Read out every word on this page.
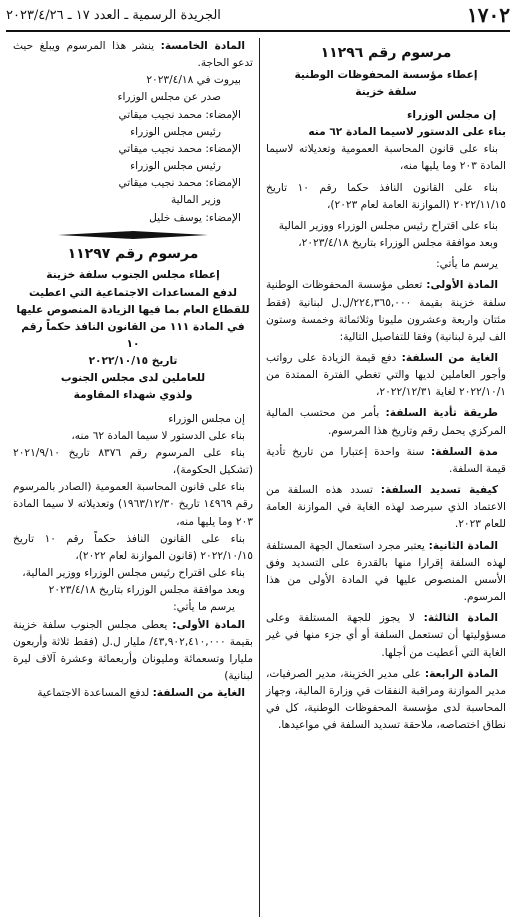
١٧٠٢
الجريدة الرسمية ـ العدد ١٧ ـ ٢٠٢٣/٤/٢٦
مرسوم رقم ١١٢٩٦

إعطاء مؤسسة المحفوظات الوطنية

سلفة خزينة

إن مجلس الوزراء

بناء على الدستور لاسيما المادة ٦٢ منه

بناء على قانون المحاسبة العمومية وتعديلاته لاسيما المادة ٢٠٣ وما يليها منه،

بناء على القانون النافذ حكما رقم ١٠ تاريخ ٢٠٢٢/١١/١٥ (الموازنة العامة لعام ٢٠٢٣)،

بناء على اقتراح رئيس مجلس الوزراء ووزير المالية

وبعد موافقة مجلس الوزراء بتاريخ ٢٠٢٣/٤/١٨،

يرسم ما يأتي:

المادة الأولى: تعطى مؤسسة المحفوظات الوطنية سلفة خزينة بقيمة ٢٢٤,٣٦٥,٠٠٠/ل.ل لبنانية (فقط مئتان واربعة وعشرون مليونا وثلاثمائة وخمسة وستون الف ليرة لبنانية) وفقا للتفاصيل التالية:

الغاية من السلفة: دفع قيمة الزيادة على رواتب وأجور العاملين لديها والتي تغطي الفترة الممتدة من ٢٠٢٢/١٠/١ لغاية ٢٠٢٢/١٢/٣١،

طريقة تأدية السلفة: بأمر من محتسب المالية المركزي يحمل رقم وتاريخ هذا المرسوم.

مدة السلفة: سنة واحدة إعتبارا من تاريخ تأدية قيمة السلفة.

كيفية تسديد السلفة: تسدد هذه السلفة من الاعتماد الذي سيرصد لهذه الغاية في الموازنة العامة للعام ٢٠٢٣.

المادة الثانية: يعتبر مجرد استعمال الجهة المستلفة لهذه السلفة إقرارا منها بالقدرة على التسديد وفق الأسس المنصوص عليها في المادة الأولى من هذا المرسوم.

المادة الثالثة: لا يجوز للجهة المستلفة وعلى مسؤوليتها أن تستعمل السلفة أو أي جزء منها في غير الغاية التي أعطيت من أجلها.

المادة الرابعة: على مدير الخزينة، مدير الصرفيات، مدير الموازنة ومراقبة النفقات في وزارة المالية، وجهاز المحاسبة لدى مؤسسة المحفوظات الوطنية، كل في نطاق اختصاصه، ملاحقة تسديد السلفة في مواعيدها.

المادة الخامسة: ينشر هذا المرسوم ويبلغ حيث تدعو الحاجة.

بيروت في ٢٠٢٣/٤/١٨

صدر عن مجلس الوزراء

الإمضاء: محمد نجيب ميقاتي

رئيس مجلس الوزراء

الإمضاء: محمد نجيب ميقاتي

رئيس مجلس الوزراء

الإمضاء: محمد نجيب ميقاتي

وزير المالية

الإمضاء: يوسف خليل

مرسوم رقم ١١٢٩٧

إعطاء مجلس الجنوب سلفة خزينة

لدفع المساعدات الاجتماعية التي اعطيت

للقطاع العام بما فيها الزيادة المنصوص عليها

في المادة ١١١ من القانون النافذ حكماً رقم ١٠

تاريخ ٢٠٢٢/١٠/١٥

للعاملين لدى مجلس الجنوب

ولذوي شهداء المقاومة

إن مجلس الوزراء

بناء على الدستور لا سيما المادة ٦٢ منه،

بناء على المرسوم رقم ٨٣٧٦ تاريخ ٢٠٢١/٩/١٠ (تشكيل الحكومة)،

بناء على قانون المحاسبة العمومية (الصادر بالمرسوم رقم ١٤٩٦٩ تاريخ ١٩٦٣/١٢/٣٠) وتعديلاته لا سيما المادة ٢٠٣ وما يليها منه،

بناء على القانون النافذ حكماً رقم ١٠ تاريخ ٢٠٢٢/١٠/١٥ (قانون الموازنة لعام ٢٠٢٢)،

بناء على اقتراح رئيس مجلس الوزراء ووزير المالية،

وبعد موافقة مجلس الوزراء بتاريخ ٢٠٢٣/٤/١٨

يرسم ما يأتي:

المادة الأولى: يعطى مجلس الجنوب سلفة خزينة بقيمة ٤٣,٩٠٢,٤١٠,٠٠٠/ مليار ل.ل (فقط ثلاثة وأربعون مليارا وتسعمائة ومليونان وأربعمائة وعشرة آلاف ليرة لبنانية)

الغاية من السلفة: لدفع المساعدة الاجتماعية
